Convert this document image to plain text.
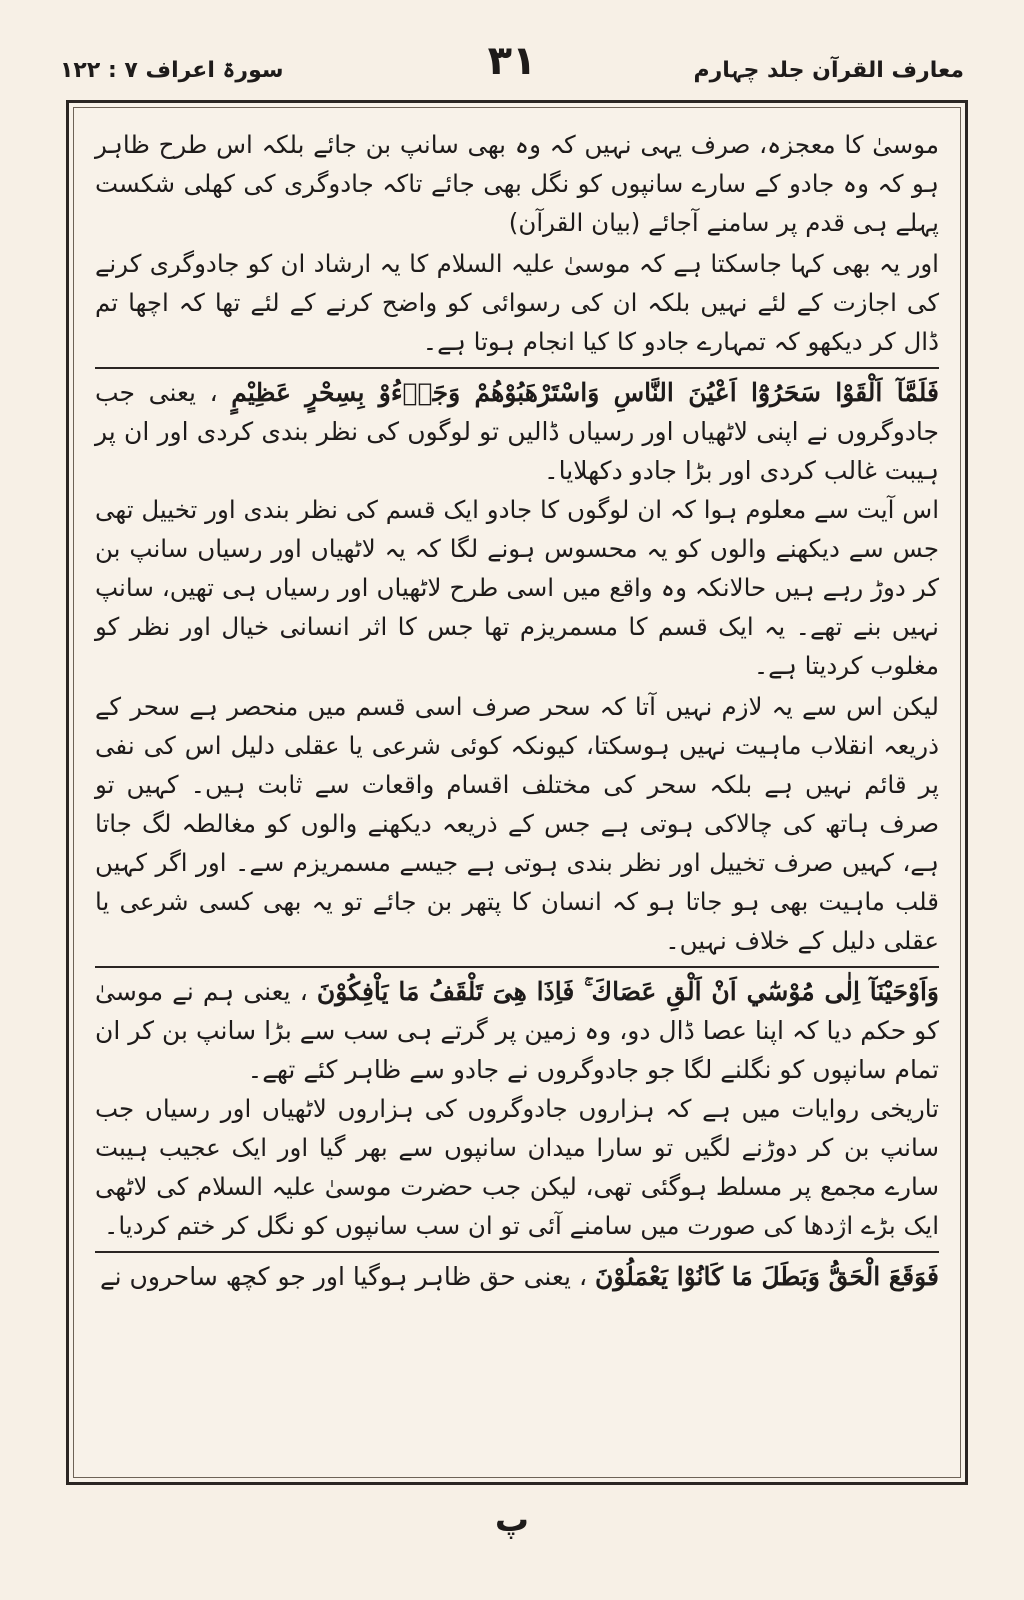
معارف القرآن جلد چہارم
۳۱
سورۃ اعراف ۷ : ۱۲۲

موسیٰ کا معجزہ، صرف یہی نہیں کہ وہ بھی سانپ بن جائے بلکہ اس طرح ظاہر ہو کہ وہ جادو کے سارے سانپوں کو نگل بھی جائے تاکہ جادوگری کی کھلی شکست پہلے ہی قدم پر سامنے آجائے (بیان القرآن)

اور یہ بھی کہا جاسکتا ہے کہ موسیٰ علیہ السلام کا یہ ارشاد ان کو جادوگری کرنے کی اجازت کے لئے نہیں بلکہ ان کی رسوائی کو واضح کرنے کے لئے تھا کہ اچھا تم ڈال کر دیکھو کہ تمہارے جادو کا کیا انجام ہوتا ہے۔

فَلَمَّآ اَلْقَوْا سَحَرُوْٓا اَعْيُنَ النَّاسِ وَاسْتَرْهَبُوْهُمْ وَجَاۗءُوْ بِسِحْرٍ عَظِيْمٍ ، یعنی جب جادوگروں نے اپنی لاٹھیاں اور رسیاں ڈالیں تو لوگوں کی نظر بندی کردی اور ان پر ہیبت غالب کردی اور بڑا جادو دکھلایا۔

اس آیت سے معلوم ہوا کہ ان لوگوں کا جادو ایک قسم کی نظر بندی اور تخییل تھی جس سے دیکھنے والوں کو یہ محسوس ہونے لگا کہ یہ لاٹھیاں اور رسیاں سانپ بن کر دوڑ رہے ہیں حالانکہ وہ واقع میں اسی طرح لاٹھیاں اور رسیاں ہی تھیں، سانپ نہیں بنے تھے۔ یہ ایک قسم کا مسمریزم تھا جس کا اثر انسانی خیال اور نظر کو مغلوب کردیتا ہے۔

لیکن اس سے یہ لازم نہیں آتا کہ سحر صرف اسی قسم میں منحصر ہے سحر کے ذریعہ انقلاب ماہیت نہیں ہوسکتا، کیونکہ کوئی شرعی یا عقلی دلیل اس کی نفی پر قائم نہیں ہے بلکہ سحر کی مختلف اقسام واقعات سے ثابت ہیں۔ کہیں تو صرف ہاتھ کی چالاکی ہوتی ہے جس کے ذریعہ دیکھنے والوں کو مغالطہ لگ جاتا ہے، کہیں صرف تخییل اور نظر بندی ہوتی ہے جیسے مسمریزم سے۔ اور اگر کہیں قلب ماہیت بھی ہو جاتا ہو کہ انسان کا پتھر بن جائے تو یہ بھی کسی شرعی یا عقلی دلیل کے خلاف نہیں۔

وَاَوْحَيْنَآ اِلٰى مُوْسٰٓي اَنْ اَلْقِ عَصَاكَ ۚ فَاِذَا هِىَ تَلْقَفُ مَا يَاْفِكُوْنَ ، یعنی ہم نے موسیٰ کو حکم دیا کہ اپنا عصا ڈال دو، وہ زمین پر گرتے ہی سب سے بڑا سانپ بن کر ان تمام سانپوں کو نگلنے لگا جو جادوگروں نے جادو سے ظاہر کئے تھے۔

تاریخی روایات میں ہے کہ ہزاروں جادوگروں کی ہزاروں لاٹھیاں اور رسیاں جب سانپ بن کر دوڑنے لگیں تو سارا میدان سانپوں سے بھر گیا اور ایک عجیب ہیبت سارے مجمع پر مسلط ہوگئی تھی، لیکن جب حضرت موسیٰ علیہ السلام کی لاٹھی ایک بڑے اژدھا کی صورت میں سامنے آئی تو ان سب سانپوں کو نگل کر ختم کردیا۔

فَوَقَعَ الْحَقُّ وَبَطَلَ مَا كَانُوْا يَعْمَلُوْنَ ، یعنی حق ظاہر ہوگیا اور جو کچھ ساحروں نے

پ
